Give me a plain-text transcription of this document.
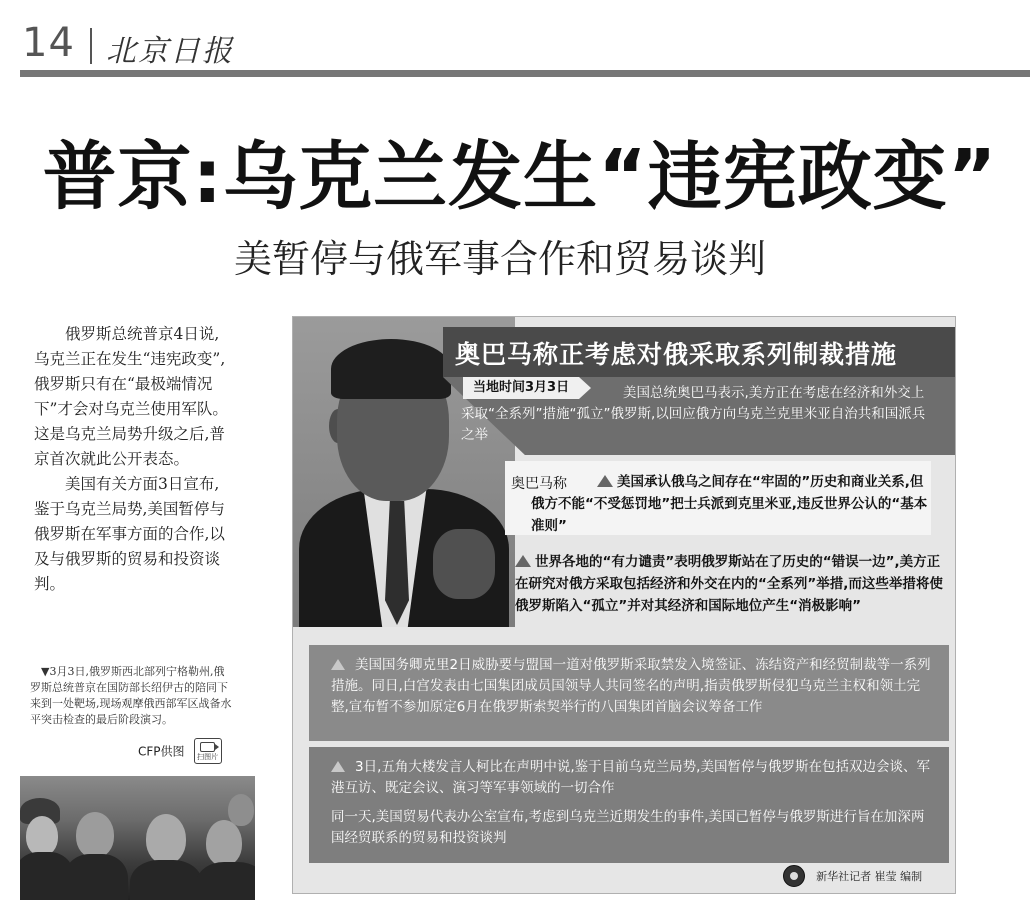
14 北京日报
普京:乌克兰发生“违宪政变”
美暂停与俄军事合作和贸易谈判

俄罗斯总统普京4日说,乌克兰正在发生“违宪政变”,俄罗斯只有在“最极端情况下”才会对乌克兰使用军队。这是乌克兰局势升级之后,普京首次就此公开表态。

美国有关方面3日宣布,鉴于乌克兰局势,美国暂停与俄罗斯在军事方面的合作,以及与俄罗斯的贸易和投资谈判。

▼3月3日,俄罗斯西北部列宁格勒州,俄罗斯总统普京在国防部长绍伊古的陪同下来到一处靶场,现场观摩俄西部军区战备水平突击检查的最后阶段演习。

CFP供图 扫图片
奥巴马称正考虑对俄采取系列制裁措施
当地时间3月3日	美国总统奥巴马表示,美方正在考虑在经济和外交上采取“全系列”措施“孤立”俄罗斯,以回应俄方向乌克兰克里米亚自治共和国派兵之举
奥巴马称	美国承认俄乌之间存在“牢固的”历史和商业关系,但俄方不能“不受惩罚地”把士兵派到克里米亚,违反世界公认的“基本准则”
世界各地的“有力谴责”表明俄罗斯站在了历史的“错误一边”,美方正在研究对俄方采取包括经济和外交在内的“全系列”举措,而这些举措将使俄罗斯陷入“孤立”并对其经济和国际地位产生“消极影响”
美国国务卿克里2日威胁要与盟国一道对俄罗斯采取禁发入境签证、冻结资产和经贸制裁等一系列措施。同日,白宫发表由七国集团成员国领导人共同签名的声明,指责俄罗斯侵犯乌克兰主权和领土完整,宣布暂不参加原定6月在俄罗斯索契举行的八国集团首脑会议筹备工作
3日,五角大楼发言人柯比在声明中说,鉴于目前乌克兰局势,美国暂停与俄罗斯在包括双边会谈、军港互访、既定会议、演习等军事领域的一切合作
同一天,美国贸易代表办公室宣布,考虑到乌克兰近期发生的事件,美国已暂停与俄罗斯进行旨在加深两国经贸联系的贸易和投资谈判
新华社记者 崔莹 编制
